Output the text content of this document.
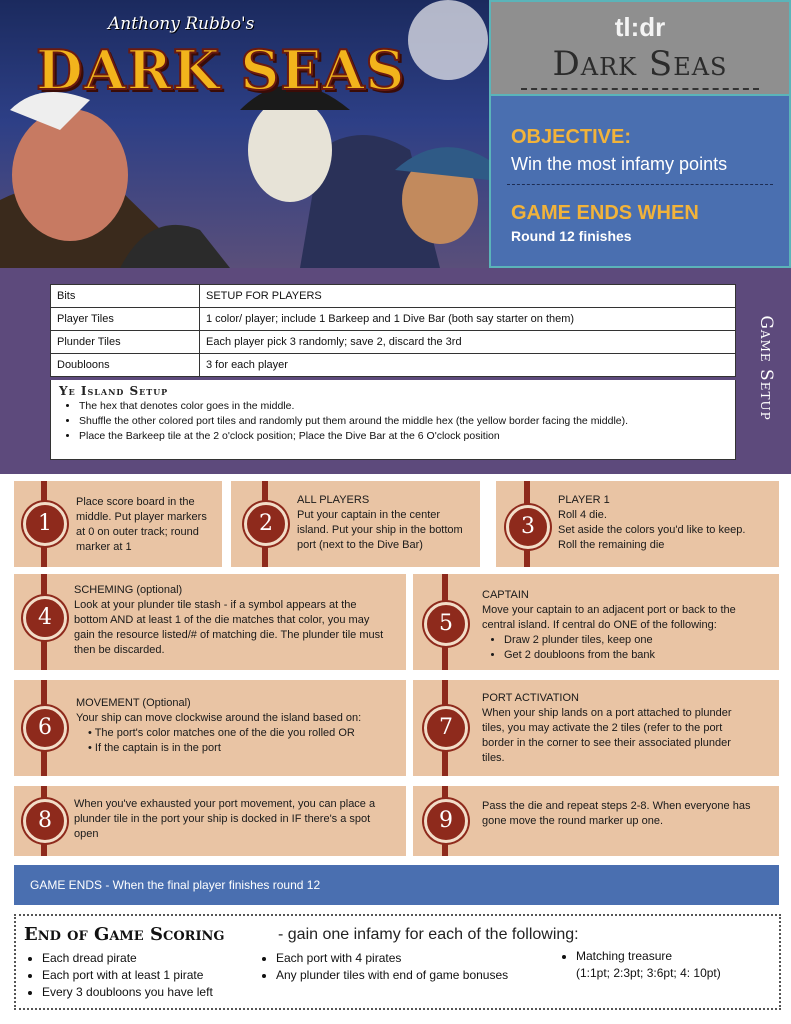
Anthony Rubbo's
DARK SEAS
tl:dr
Dark Seas
OBJECTIVE:
Win the most infamy points
GAME ENDS WHEN
Round 12 finishes
Game Setup
Bits	SETUP FOR PLAYERS
Player Tiles	1 color/ player; include 1 Barkeep and 1 Dive Bar (both say starter on them)
Plunder Tiles	Each player pick 3 randomly; save 2, discard the 3rd
Doubloons	3 for each player
Ye Island Setup
• The hex that denotes color goes in the middle.
• Shuffle the other colored port tiles and randomly put them around the middle hex (the yellow border facing the middle).
• Place the Barkeep tile at the 2 o'clock position; Place the Dive Bar at the 6 O'clock position
1
Place score board in the
middle. Put player markers
at 0 on outer track; round
marker at 1
2
ALL PLAYERS
Put your captain in the center
island. Put your ship in the bottom
port (next to the Dive Bar)
3
PLAYER 1
Roll 4 die.
Set aside the colors you'd like to keep.
Roll the remaining die
4
SCHEMING (optional)
Look at your plunder tile stash - if a symbol appears at the
bottom AND at least 1 of the die matches that color, you may
gain the resource listed/# of matching die. The plunder tile must
then be discarded.
5
CAPTAIN
Move your captain to an adjacent port or back to the
central island. If central do ONE of the following:
• Draw 2 plunder tiles, keep one
• Get 2 doubloons from the bank
6
MOVEMENT (Optional)
Your ship can move clockwise around the island based on:
• The port's color matches one of the die you rolled OR
• If the captain is in the port
7
PORT ACTIVATION
When your ship lands on a port attached to plunder
tiles, you may activate the 2 tiles (refer to the port
border in the corner to see their associated plunder
tiles.
8
When you've exhausted your port movement, you can place a
plunder tile in the port your ship is docked in IF there's a spot
open
9
Pass the die and repeat steps 2-8. When everyone has
gone move the round marker up one.
GAME ENDS - When the final player finishes round 12
End of Game Scoring	- gain one infamy for each of the following:
• Each dread pirate
• Each port with at least 1 pirate
• Every 3 doubloons you have left
• Each port with 4 pirates
• Any plunder tiles with end of game bonuses
• Matching treasure
(1:1pt; 2:3pt; 3:6pt; 4: 10pt)
